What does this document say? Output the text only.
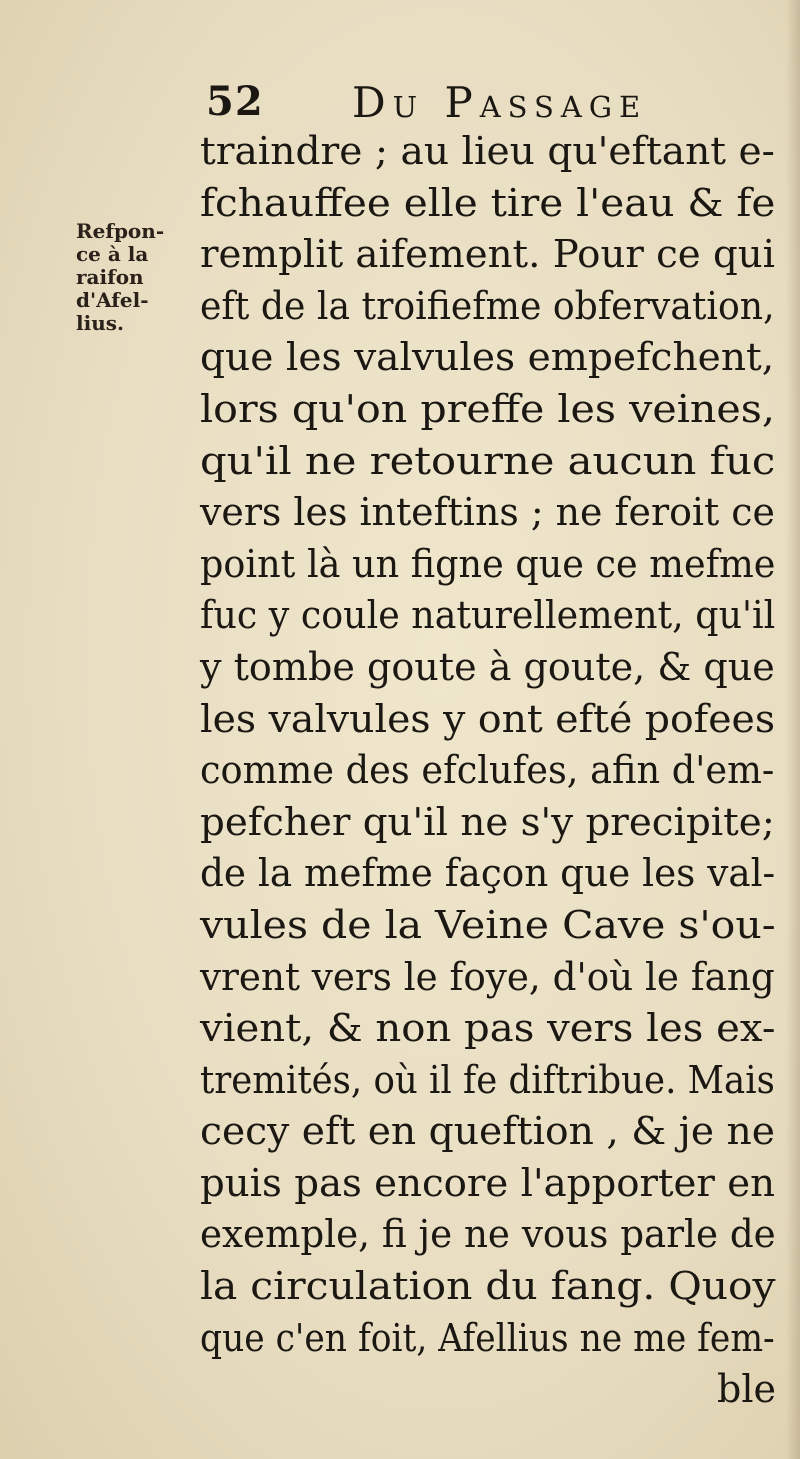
52 Du Passage
Refpon-
ce à la
raifon
d'Afel-
lius.
traindre ; au lieu qu'eftant e-
fchauffee elle tire l'eau & fe
remplit aifement. Pour ce qui
eft de la troifiefme obfervation,
que les valvules empefchent,
lors qu'on preffe les veines,
qu'il ne retourne aucun fuc
vers les inteftins ; ne feroit ce
point là un figne que ce mefme
fuc y coule naturellement, qu'il
y tombe goute à goute, & que
les valvules y ont efté pofees
comme des efclufes, afin d'em-
pefcher qu'il ne s'y precipite;
de la mefme façon que les val-
vules de la Veine Cave s'ou-
vrent vers le foye, d'où le fang
vient, & non pas vers les ex-
tremités, où il fe diftribue. Mais
cecy eft en queftion , & je ne
puis pas encore l'apporter en
exemple, fi je ne vous parle de
la circulation du fang. Quoy
que c'en foit, Afellius ne me fem-
ble
